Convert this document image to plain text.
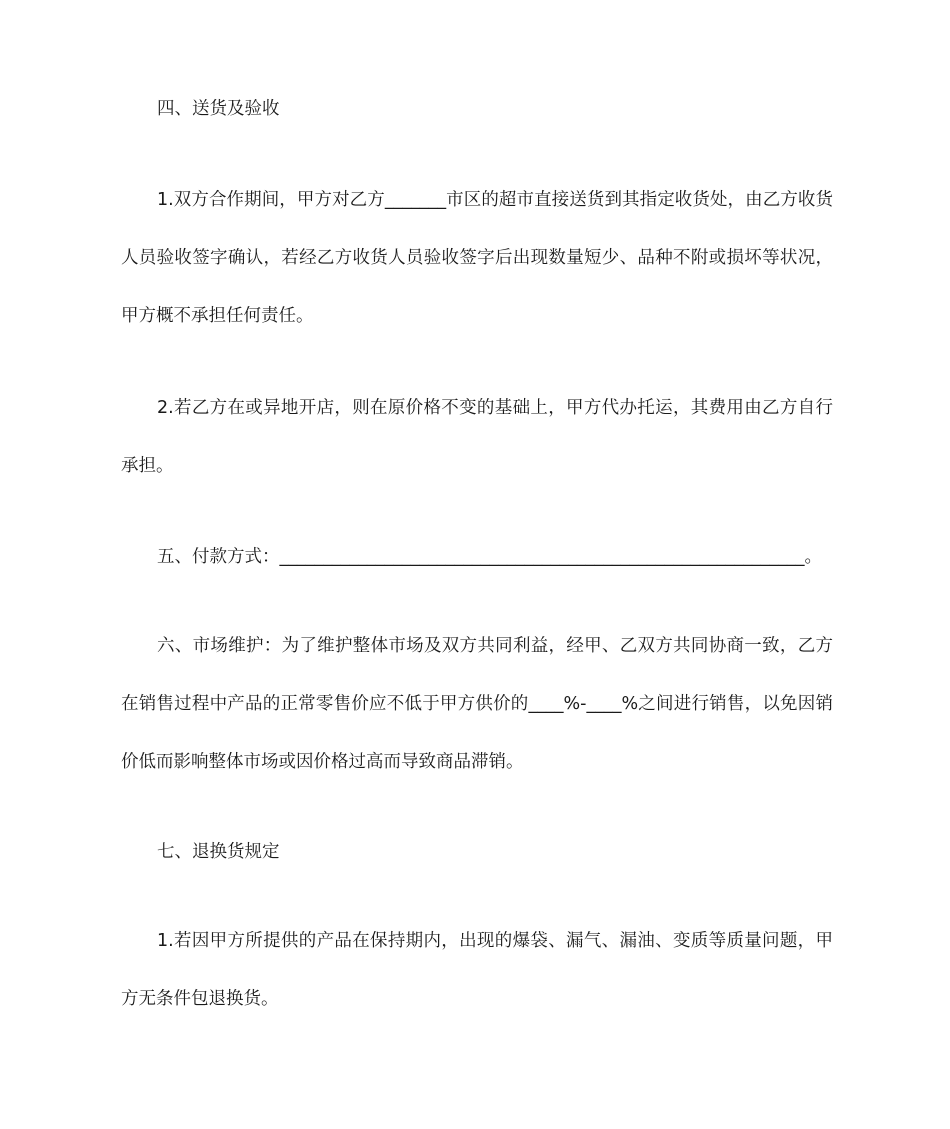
四、送货及验收

1.双方合作期间，甲方对乙方_______市区的超市直接送货到其指定收货处，由乙方收货人员验收签字确认，若经乙方收货人员验收签字后出现数量短少、品种不附或损坏等状况，甲方概不承担任何责任。

2.若乙方在或异地开店，则在原价格不变的基础上，甲方代办托运，其费用由乙方自行承担。

五、付款方式：____________________________________________________________。

六、市场维护：为了维护整体市场及双方共同利益，经甲、乙双方共同协商一致，乙方在销售过程中产品的正常零售价应不低于甲方供价的____%-____%之间进行销售，以免因销价低而影响整体市场或因价格过高而导致商品滞销。

七、退换货规定

1.若因甲方所提供的产品在保持期内，出现的爆袋、漏气、漏油、变质等质量问题，甲方无条件包退换货。
